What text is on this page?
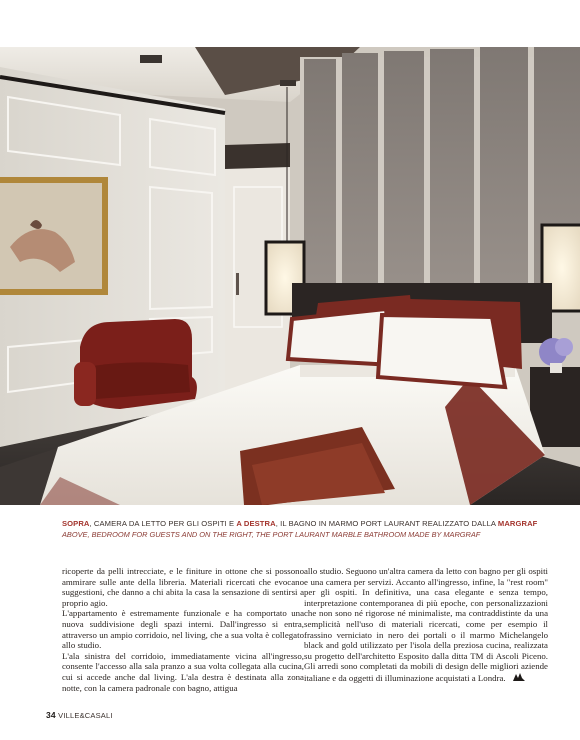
SOPRA, CAMERA DA LETTO PER GLI OSPITI E A DESTRA, IL BAGNO IN MARMO PORT LAURANT REALIZZATO DALLA MARGRAF
ABOVE, BEDROOM FOR GUESTS AND ON THE RIGHT, THE PORT LAURANT MARBLE BATHROOM MADE BY MARGRAF

ricoperte da pelli intrecciate, e le finiture in ottone che si possono ammirare sulle ante della libreria. Materiali ricercati che evocano suggestioni, che danno a chi abita la casa la sensazione di sentirsi a proprio agio.

L'appartamento è estremamente funzionale e ha comportato una nuova suddivisione degli spazi interni. Dall'ingresso si entra, attraverso un ampio corridoio, nel living, che a sua volta è collegato allo studio.

L'ala sinistra del corridoio, immediatamente vicina all'ingresso, consente l'accesso alla sala pranzo a sua volta collegata alla cucina, cui si accede anche dal living. L'ala destra è destinata alla zona notte, con la camera padronale con bagno, attigua

allo studio. Seguono un'altra camera da letto con bagno per gli ospiti e una camera per servizi. Accanto all'ingresso, infine, la "rest room" per gli ospiti. In definitiva, una casa elegante e senza tempo, interpretazione contemporanea di più epoche, con personalizzazioni che non sono né rigorose né minimaliste, ma contraddistinte da una semplicità nell'uso di materiali ricercati, come per esempio il frassino verniciato in nero dei portali o il marmo Michelangelo black and gold utilizzato per l'isola della preziosa cucina, realizzata su progetto dell'architetto Esposito dalla ditta TM di Ascoli Piceno. Gli arredi sono completati da mobili di design delle migliori aziende italiane e da oggetti di illuminazione acquistati a Londra.

34 VILLE&CASALI
